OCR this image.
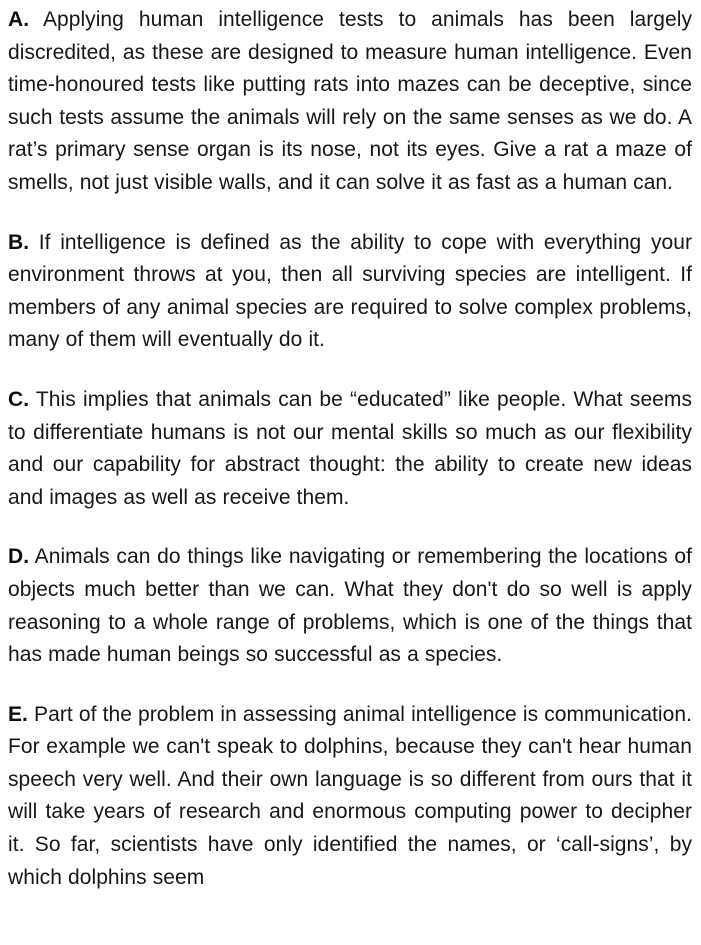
A. Applying human intelligence tests to animals has been largely discredited, as these are designed to measure human intelligence. Even time-honoured tests like putting rats into mazes can be deceptive, since such tests assume the animals will rely on the same senses as we do. A rat’s primary sense organ is its nose, not its eyes. Give a rat a maze of smells, not just visible walls, and it can solve it as fast as a human can.

B. If intelligence is defined as the ability to cope with everything your environment throws at you, then all surviving species are intelligent. If members of any animal species are required to solve complex problems, many of them will eventually do it.

C. This implies that animals can be “educated” like people. What seems to differentiate humans is not our mental skills so much as our flexibility and our capability for abstract thought: the ability to create new ideas and images as well as receive them.

D. Animals can do things like navigating or remembering the locations of objects much better than we can. What they don't do so well is apply reasoning to a whole range of problems, which is one of the things that has made human beings so successful as a species.

E. Part of the problem in assessing animal intelligence is communication. For example we can't speak to dolphins, because they can't hear human speech very well. And their own language is so different from ours that it will take years of research and enormous computing power to decipher it. So far, scientists have only identified the names, or ‘call-signs’, by which dolphins seem
